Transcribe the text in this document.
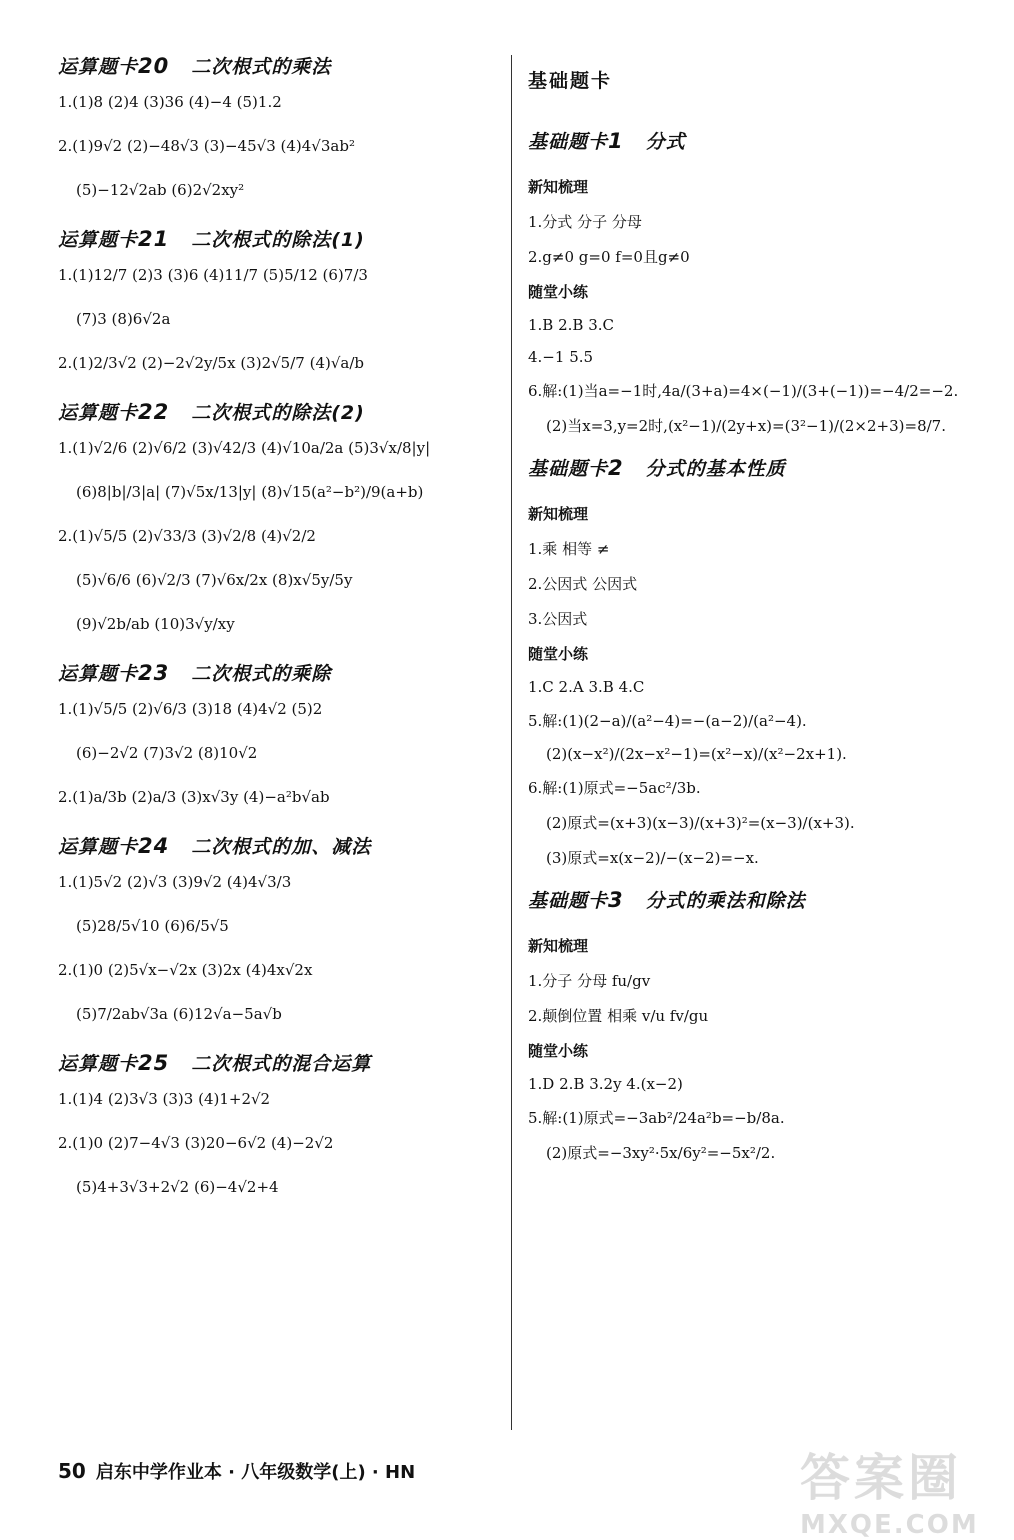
运算题卡20 二次根式的乘法
1.(1)8 (2)4 (3)36 (4)−4 (5)1.2
2.(1)9√2 (2)−48√3 (3)−45√3 (4)4√3ab²
(5)−12√2ab (6)2√2xy²
运算题卡21 二次根式的除法(1)
1.(1)12/7 (2)3 (3)6 (4)11/7 (5)5/12 (6)7/3
(7)3 (8)6√2a
2.(1)2/3√2 (2)−2√2y/5x (3)2√5/7 (4)√a/b
运算题卡22 二次根式的除法(2)
1.(1)√2/6 (2)√6/2 (3)√42/3 (4)√10a/2a (5)3√x/8|y|
(6)8|b|/3|a| (7)√5x/13|y| (8)√15(a²−b²)/9(a+b)
2.(1)√5/5 (2)√33/3 (3)√2/8 (4)√2/2
(5)√6/6 (6)√2/3 (7)√6x/2x (8)x√5y/5y
(9)√2b/ab (10)3√y/xy
运算题卡23 二次根式的乘除
1.(1)√5/5 (2)√6/3 (3)18 (4)4√2 (5)2
(6)−2√2 (7)3√2 (8)10√2
2.(1)a/3b (2)a/3 (3)x√3y (4)−a²b√ab
运算题卡24 二次根式的加、减法
1.(1)5√2 (2)√3 (3)9√2 (4)4√3/3
(5)28/5√10 (6)6/5√5
2.(1)0 (2)5√x−√2x (3)2x (4)4x√2x
(5)7/2ab√3a (6)12√a−5a√b
运算题卡25 二次根式的混合运算
1.(1)4 (2)3√3 (3)3 (4)1+2√2
2.(1)0 (2)7−4√3 (3)20−6√2 (4)−2√2
(5)4+3√3+2√2 (6)−4√2+4
基础题卡
基础题卡1 分式
新知梳理
1.分式 分子 分母
2.g≠0 g=0 f=0且g≠0
随堂小练
1.B 2.B 3.C
4.−1 5.5
6.解:(1)当a=−1时,4a/(3+a)=4×(−1)/(3+(−1))=−4/2=−2.
(2)当x=3,y=2时,(x²−1)/(2y+x)=(3²−1)/(2×2+3)=8/7.
基础题卡2 分式的基本性质
新知梳理
1.乘 相等 ≠
2.公因式 公因式
3.公因式
随堂小练
1.C 2.A 3.B 4.C
5.解:(1)(2−a)/(a²−4)=−(a−2)/(a²−4).
(2)(x−x²)/(2x−x²−1)=(x²−x)/(x²−2x+1).
6.解:(1)原式=−5ac²/3b.
(2)原式=(x+3)(x−3)/(x+3)²=(x−3)/(x+3).
(3)原式=x(x−2)/−(x−2)=−x.
基础题卡3 分式的乘法和除法
新知梳理
1.分子 分母 fu/gv
2.颠倒位置 相乘 v/u fv/gu
随堂小练
1.D 2.B 3.2y 4.(x−2)
5.解:(1)原式=−3ab²/24a²b=−b/8a.
(2)原式=−3xy²·5x/6y²=−5x²/2.
50 启东中学作业本 · 八年级数学(上) · HN	答案圈
MXQE.COM
